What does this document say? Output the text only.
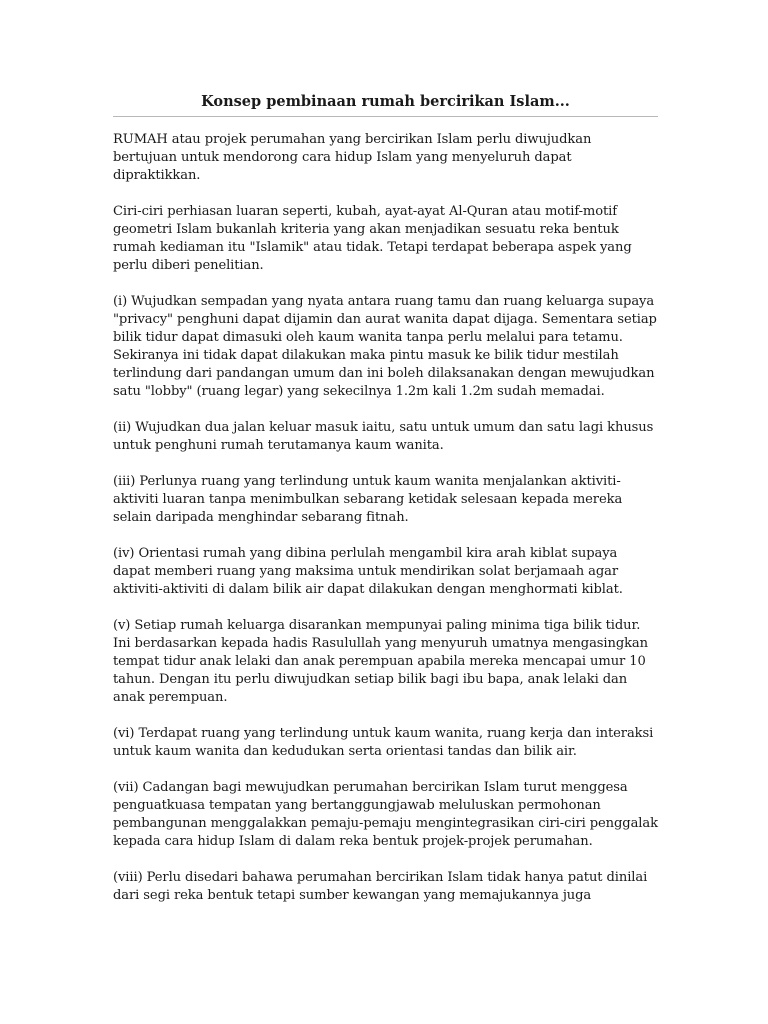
Konsep pembinaan rumah bercirikan Islam...

RUMAH atau projek perumahan yang bercirikan Islam perlu diwujudkan bertujuan untuk mendorong cara hidup Islam yang menyeluruh dapat dipraktikkan.

Ciri-ciri perhiasan luaran seperti, kubah, ayat-ayat Al-Quran atau motif-motif geometri Islam bukanlah kriteria yang akan menjadikan sesuatu reka bentuk rumah kediaman itu "Islamik" atau tidak. Tetapi terdapat beberapa aspek yang perlu diberi penelitian.

(i) Wujudkan sempadan yang nyata antara ruang tamu dan ruang keluarga supaya "privacy" penghuni dapat dijamin dan aurat wanita dapat dijaga. Sementara setiap bilik tidur dapat dimasuki oleh kaum wanita tanpa perlu melalui para tetamu. Sekiranya ini tidak dapat dilakukan maka pintu masuk ke bilik tidur mestilah terlindung dari pandangan umum dan ini boleh dilaksanakan dengan mewujudkan satu "lobby" (ruang legar) yang sekecilnya 1.2m kali 1.2m sudah memadai.

(ii) Wujudkan dua jalan keluar masuk iaitu, satu untuk umum dan satu lagi khusus untuk penghuni rumah terutamanya kaum wanita.

(iii) Perlunya ruang yang terlindung untuk kaum wanita menjalankan aktiviti-aktiviti luaran tanpa menimbulkan sebarang ketidak selesaan kepada mereka selain daripada menghindar sebarang fitnah.

(iv) Orientasi rumah yang dibina perlulah mengambil kira arah kiblat supaya dapat memberi ruang yang maksima untuk mendirikan solat berjamaah agar aktiviti-aktiviti di dalam bilik air dapat dilakukan dengan menghormati kiblat.

(v) Setiap rumah keluarga disarankan mempunyai paling minima tiga bilik tidur. Ini berdasarkan kepada hadis Rasulullah yang menyuruh umatnya mengasingkan tempat tidur anak lelaki dan anak perempuan apabila mereka mencapai umur 10 tahun. Dengan itu perlu diwujudkan setiap bilik bagi ibu bapa, anak lelaki dan anak perempuan.

(vi) Terdapat ruang yang terlindung untuk kaum wanita, ruang kerja dan interaksi untuk kaum wanita dan kedudukan serta orientasi tandas dan bilik air.

(vii) Cadangan bagi mewujudkan perumahan bercirikan Islam turut menggesa penguatkuasa tempatan yang bertanggungjawab meluluskan permohonan pembangunan menggalakkan pemaju-pemaju mengintegrasikan ciri-ciri penggalak kepada cara hidup Islam di dalam reka bentuk projek-projek perumahan.

(viii) Perlu disedari bahawa perumahan bercirikan Islam tidak hanya patut dinilai dari segi reka bentuk tetapi sumber kewangan yang memajukannya juga
